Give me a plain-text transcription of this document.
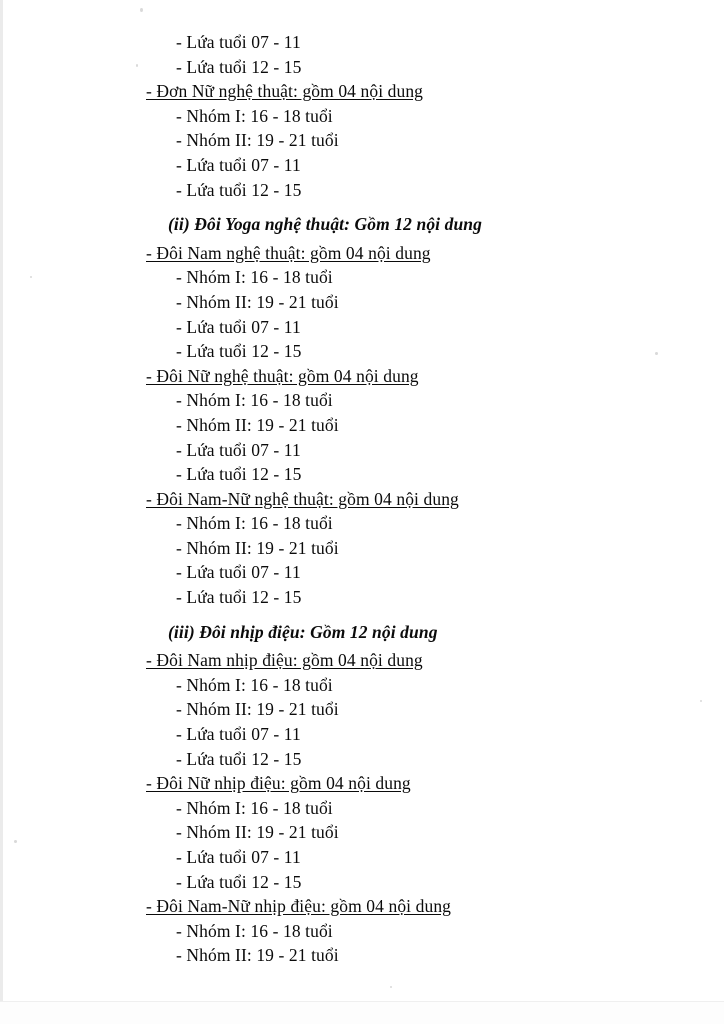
- Lứa tuổi 07 - 11
- Lứa tuổi 12 - 15
- Đơn Nữ nghệ thuật: gồm 04 nội dung
- Nhóm I: 16 - 18 tuổi
- Nhóm II: 19 - 21 tuổi
- Lứa tuổi 07 - 11
- Lứa tuổi 12 - 15
(ii) Đôi Yoga nghệ thuật: Gồm 12 nội dung
- Đôi Nam nghệ thuật: gồm 04 nội dung
- Nhóm I: 16 - 18 tuổi
- Nhóm II: 19 - 21 tuổi
- Lứa tuổi 07 - 11
- Lứa tuổi 12 - 15
- Đôi Nữ nghệ thuật: gồm 04 nội dung
- Nhóm I: 16 - 18 tuổi
- Nhóm II: 19 - 21 tuổi
- Lứa tuổi 07 - 11
- Lứa tuổi 12 - 15
- Đôi Nam-Nữ nghệ thuật: gồm 04 nội dung
- Nhóm I: 16 - 18 tuổi
- Nhóm II: 19 - 21 tuổi
- Lứa tuổi 07 - 11
- Lứa tuổi 12 - 15
(iii) Đôi nhịp điệu: Gồm 12 nội dung
- Đôi Nam nhịp điệu: gồm 04 nội dung
- Nhóm I: 16 - 18 tuổi
- Nhóm II: 19 - 21 tuổi
- Lứa tuổi 07 - 11
- Lứa tuổi 12 - 15
- Đôi Nữ nhịp điệu: gồm 04 nội dung
- Nhóm I: 16 - 18 tuổi
- Nhóm II: 19 - 21 tuổi
- Lứa tuổi 07 - 11
- Lứa tuổi 12 - 15
- Đôi Nam-Nữ nhịp điệu: gồm 04 nội dung
- Nhóm I: 16 - 18 tuổi
- Nhóm II: 19 - 21 tuổi
